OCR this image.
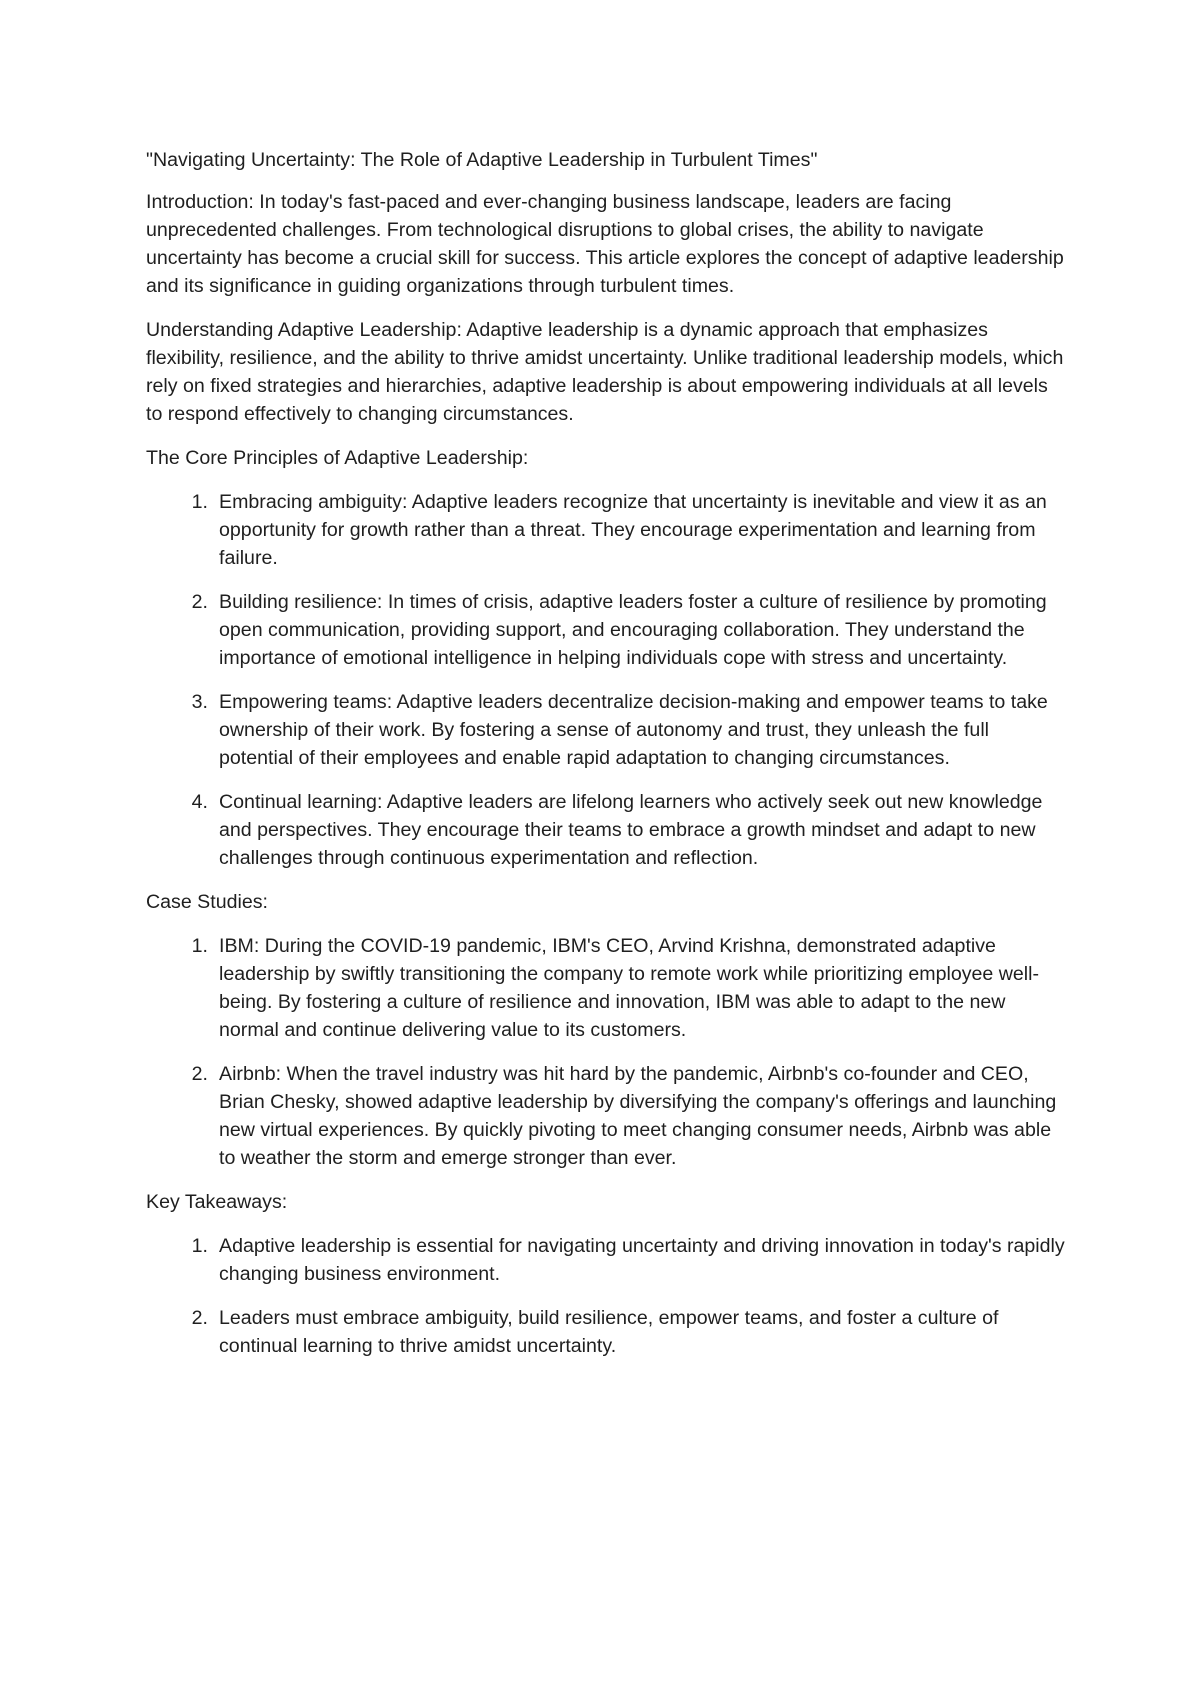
"Navigating Uncertainty: The Role of Adaptive Leadership in Turbulent Times"

Introduction: In today's fast-paced and ever-changing business landscape, leaders are facing unprecedented challenges. From technological disruptions to global crises, the ability to navigate uncertainty has become a crucial skill for success. This article explores the concept of adaptive leadership and its significance in guiding organizations through turbulent times.

Understanding Adaptive Leadership: Adaptive leadership is a dynamic approach that emphasizes flexibility, resilience, and the ability to thrive amidst uncertainty. Unlike traditional leadership models, which rely on fixed strategies and hierarchies, adaptive leadership is about empowering individuals at all levels to respond effectively to changing circumstances.

The Core Principles of Adaptive Leadership:

1. Embracing ambiguity: Adaptive leaders recognize that uncertainty is inevitable and view it as an opportunity for growth rather than a threat. They encourage experimentation and learning from failure.
2. Building resilience: In times of crisis, adaptive leaders foster a culture of resilience by promoting open communication, providing support, and encouraging collaboration. They understand the importance of emotional intelligence in helping individuals cope with stress and uncertainty.
3. Empowering teams: Adaptive leaders decentralize decision-making and empower teams to take ownership of their work. By fostering a sense of autonomy and trust, they unleash the full potential of their employees and enable rapid adaptation to changing circumstances.
4. Continual learning: Adaptive leaders are lifelong learners who actively seek out new knowledge and perspectives. They encourage their teams to embrace a growth mindset and adapt to new challenges through continuous experimentation and reflection.

Case Studies:

1. IBM: During the COVID-19 pandemic, IBM's CEO, Arvind Krishna, demonstrated adaptive leadership by swiftly transitioning the company to remote work while prioritizing employee well-being. By fostering a culture of resilience and innovation, IBM was able to adapt to the new normal and continue delivering value to its customers.
2. Airbnb: When the travel industry was hit hard by the pandemic, Airbnb's co-founder and CEO, Brian Chesky, showed adaptive leadership by diversifying the company's offerings and launching new virtual experiences. By quickly pivoting to meet changing consumer needs, Airbnb was able to weather the storm and emerge stronger than ever.

Key Takeaways:

1. Adaptive leadership is essential for navigating uncertainty and driving innovation in today's rapidly changing business environment.
2. Leaders must embrace ambiguity, build resilience, empower teams, and foster a culture of continual learning to thrive amidst uncertainty.
